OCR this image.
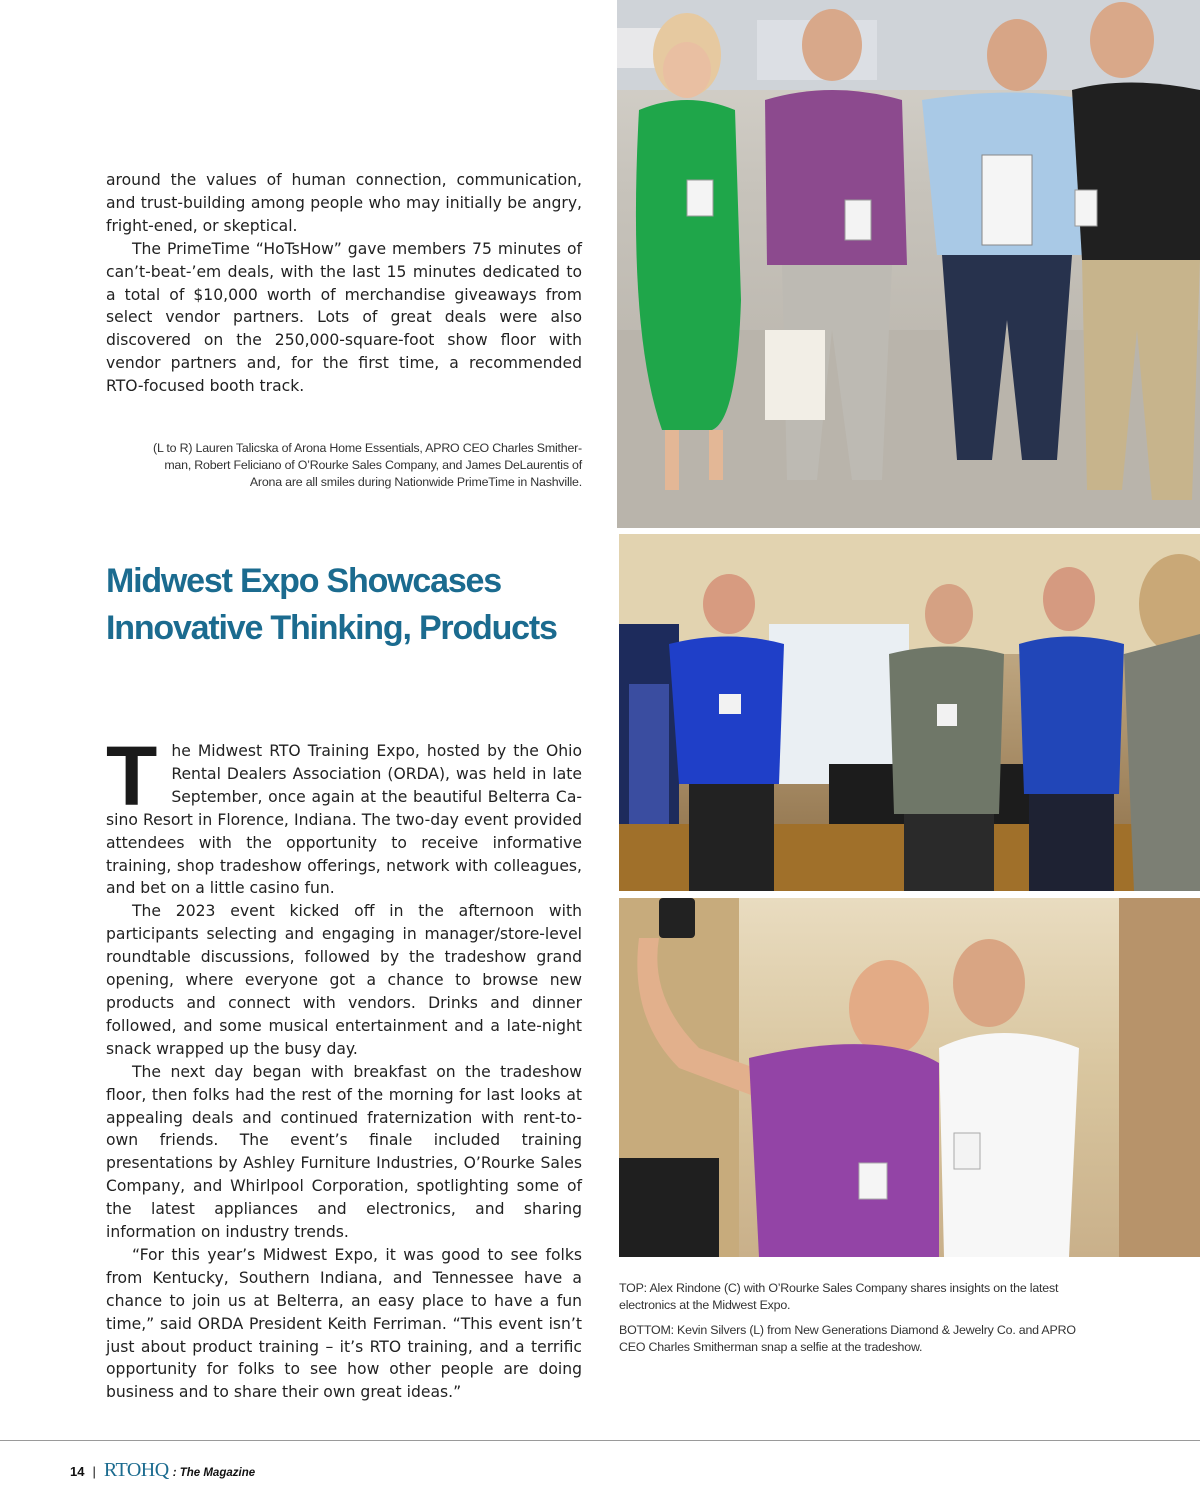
around the values of human connection, communication, and trust-building among people who may initially be angry, fright-ened, or skeptical.

The PrimeTime “HoTsHow” gave members 75 minutes of can’t-beat-’em deals, with the last 15 minutes dedicated to a total of $10,000 worth of merchandise giveaways from select vendor partners. Lots of great deals were also discovered on the 250,000-square-foot show floor with vendor partners and, for the first time, a recommended RTO-focused booth track.

(L to R) Lauren Talicska of Arona Home Essentials, APRO CEO Charles Smither-man, Robert Feliciano of O’Rourke Sales Company, and James DeLaurentis of Arona are all smiles during Nationwide PrimeTime in Nashville.
Midwest Expo Showcases Innovative Thinking, Products

The Midwest RTO Training Expo, hosted by the Ohio Rental Dealers Association (ORDA), was held in late September, once again at the beautiful Belterra Ca-sino Resort in Florence, Indiana. The two-day event provided attendees with the opportunity to receive informative training, shop tradeshow offerings, network with colleagues, and bet on a little casino fun.

The 2023 event kicked off in the afternoon with participants selecting and engaging in manager/store-level roundtable discussions, followed by the tradeshow grand opening, where everyone got a chance to browse new products and connect with vendors. Drinks and dinner followed, and some musical entertainment and a late-night snack wrapped up the busy day.

The next day began with breakfast on the tradeshow floor, then folks had the rest of the morning for last looks at appealing deals and continued fraternization with rent-to-own friends. The event’s finale included training presentations by Ashley Furniture Industries, O’Rourke Sales Company, and Whirlpool Corporation, spotlighting some of the latest appliances and electronics, and sharing information on industry trends.

“For this year’s Midwest Expo, it was good to see folks from Kentucky, Southern Indiana, and Tennessee have a chance to join us at Belterra, an easy place to have a fun time,” said ORDA President Keith Ferriman. “This event isn’t just about product training – it’s RTO training, and a terrific opportunity for folks to see how other people are doing business and to share their own great ideas.”

TOP: Alex Rindone (C) with O’Rourke Sales Company shares insights on the latest electronics at the Midwest Expo.

BOTTOM: Kevin Silvers (L) from New Generations Diamond & Jewelry Co. and APRO CEO Charles Smitherman snap a selfie at the tradeshow.

14 | RTOHQ : The Magazine
